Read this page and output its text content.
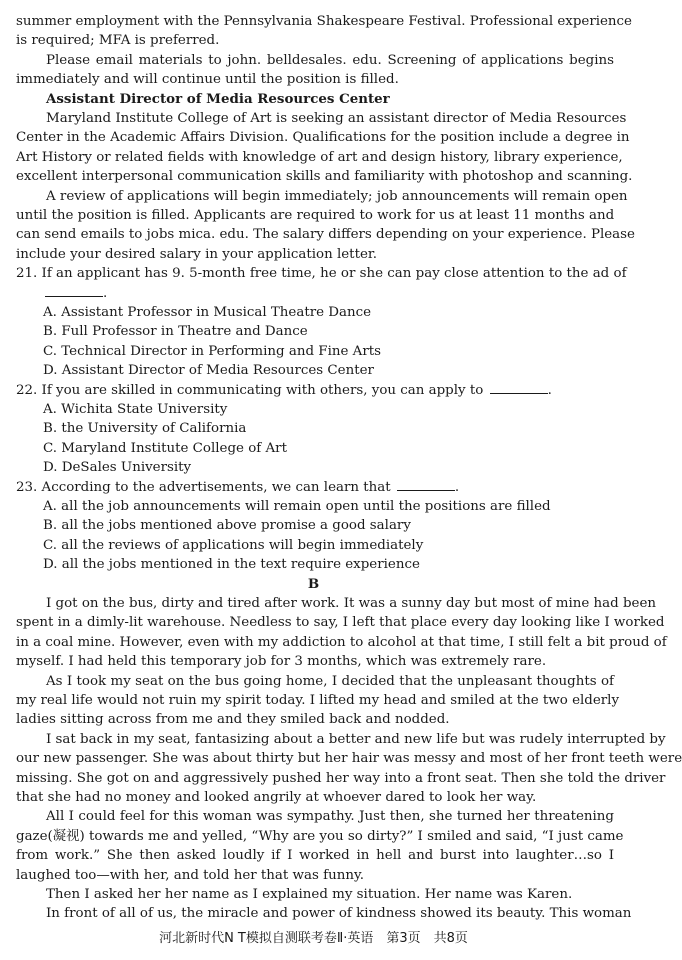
summer employment with the Pennsylvania Shakespeare Festival. Professional experience
is required; MFA is preferred.
Please email materials to john. belldesales. edu. Screening of applications begins
immediately and will continue until the position is filled.
Assistant Director of Media Resources Center
Maryland Institute College of Art is seeking an assistant director of Media Resources
Center in the Academic Affairs Division. Qualifications for the position include a degree in
Art History or related fields with knowledge of art and design history, library experience,
excellent interpersonal communication skills and familiarity with photoshop and scanning.
A review of applications will begin immediately; job announcements will remain open
until the position is filled. Applicants are required to work for us at least 11 months and
can send emails to jobs mica. edu. The salary differs depending on your experience. Please
include your desired salary in your application letter.
21. If an applicant has 9. 5-month free time, he or she can pay close attention to the ad of
.
A. Assistant Professor in Musical Theatre Dance
B. Full Professor in Theatre and Dance
C. Technical Director in Performing and Fine Arts
D. Assistant Director of Media Resources Center
22. If you are skilled in communicating with others, you can apply to	.
A. Wichita State University
B. the University of California
C. Maryland Institute College of Art
D. DeSales University
23. According to the advertisements, we can learn that	.
A. all the job announcements will remain open until the positions are filled
B. all the jobs mentioned above promise a good salary
C. all the reviews of applications will begin immediately
D. all the jobs mentioned in the text require experience
B
I got on the bus, dirty and tired after work. It was a sunny day but most of mine had been
spent in a dimly-lit warehouse. Needless to say, I left that place every day looking like I worked
in a coal mine. However, even with my addiction to alcohol at that time, I still felt a bit proud of
myself. I had held this temporary job for 3 months, which was extremely rare.
As I took my seat on the bus going home, I decided that the unpleasant thoughts of
my real life would not ruin my spirit today. I lifted my head and smiled at the two elderly
ladies sitting across from me and they smiled back and nodded.
I sat back in my seat, fantasizing about a better and new life but was rudely interrupted by
our new passenger. She was about thirty but her hair was messy and most of her front teeth were
missing. She got on and aggressively pushed her way into a front seat. Then she told the driver
that she had no money and looked angrily at whoever dared to look her way.
All I could feel for this woman was sympathy. Just then, she turned her threatening
gaze(凝视) towards me and yelled, “Why are you so dirty?” I smiled and said, “I just came
from work.” She then asked loudly if I worked in hell and burst into laughter…so I
laughed too—with her, and told her that was funny.
Then I asked her her name as I explained my situation. Her name was Karen.
In front of all of us, the miracle and power of kindness showed its beauty. This woman
河北新时代N T模拟自测联考卷Ⅱ·英语　第3页　共8页
